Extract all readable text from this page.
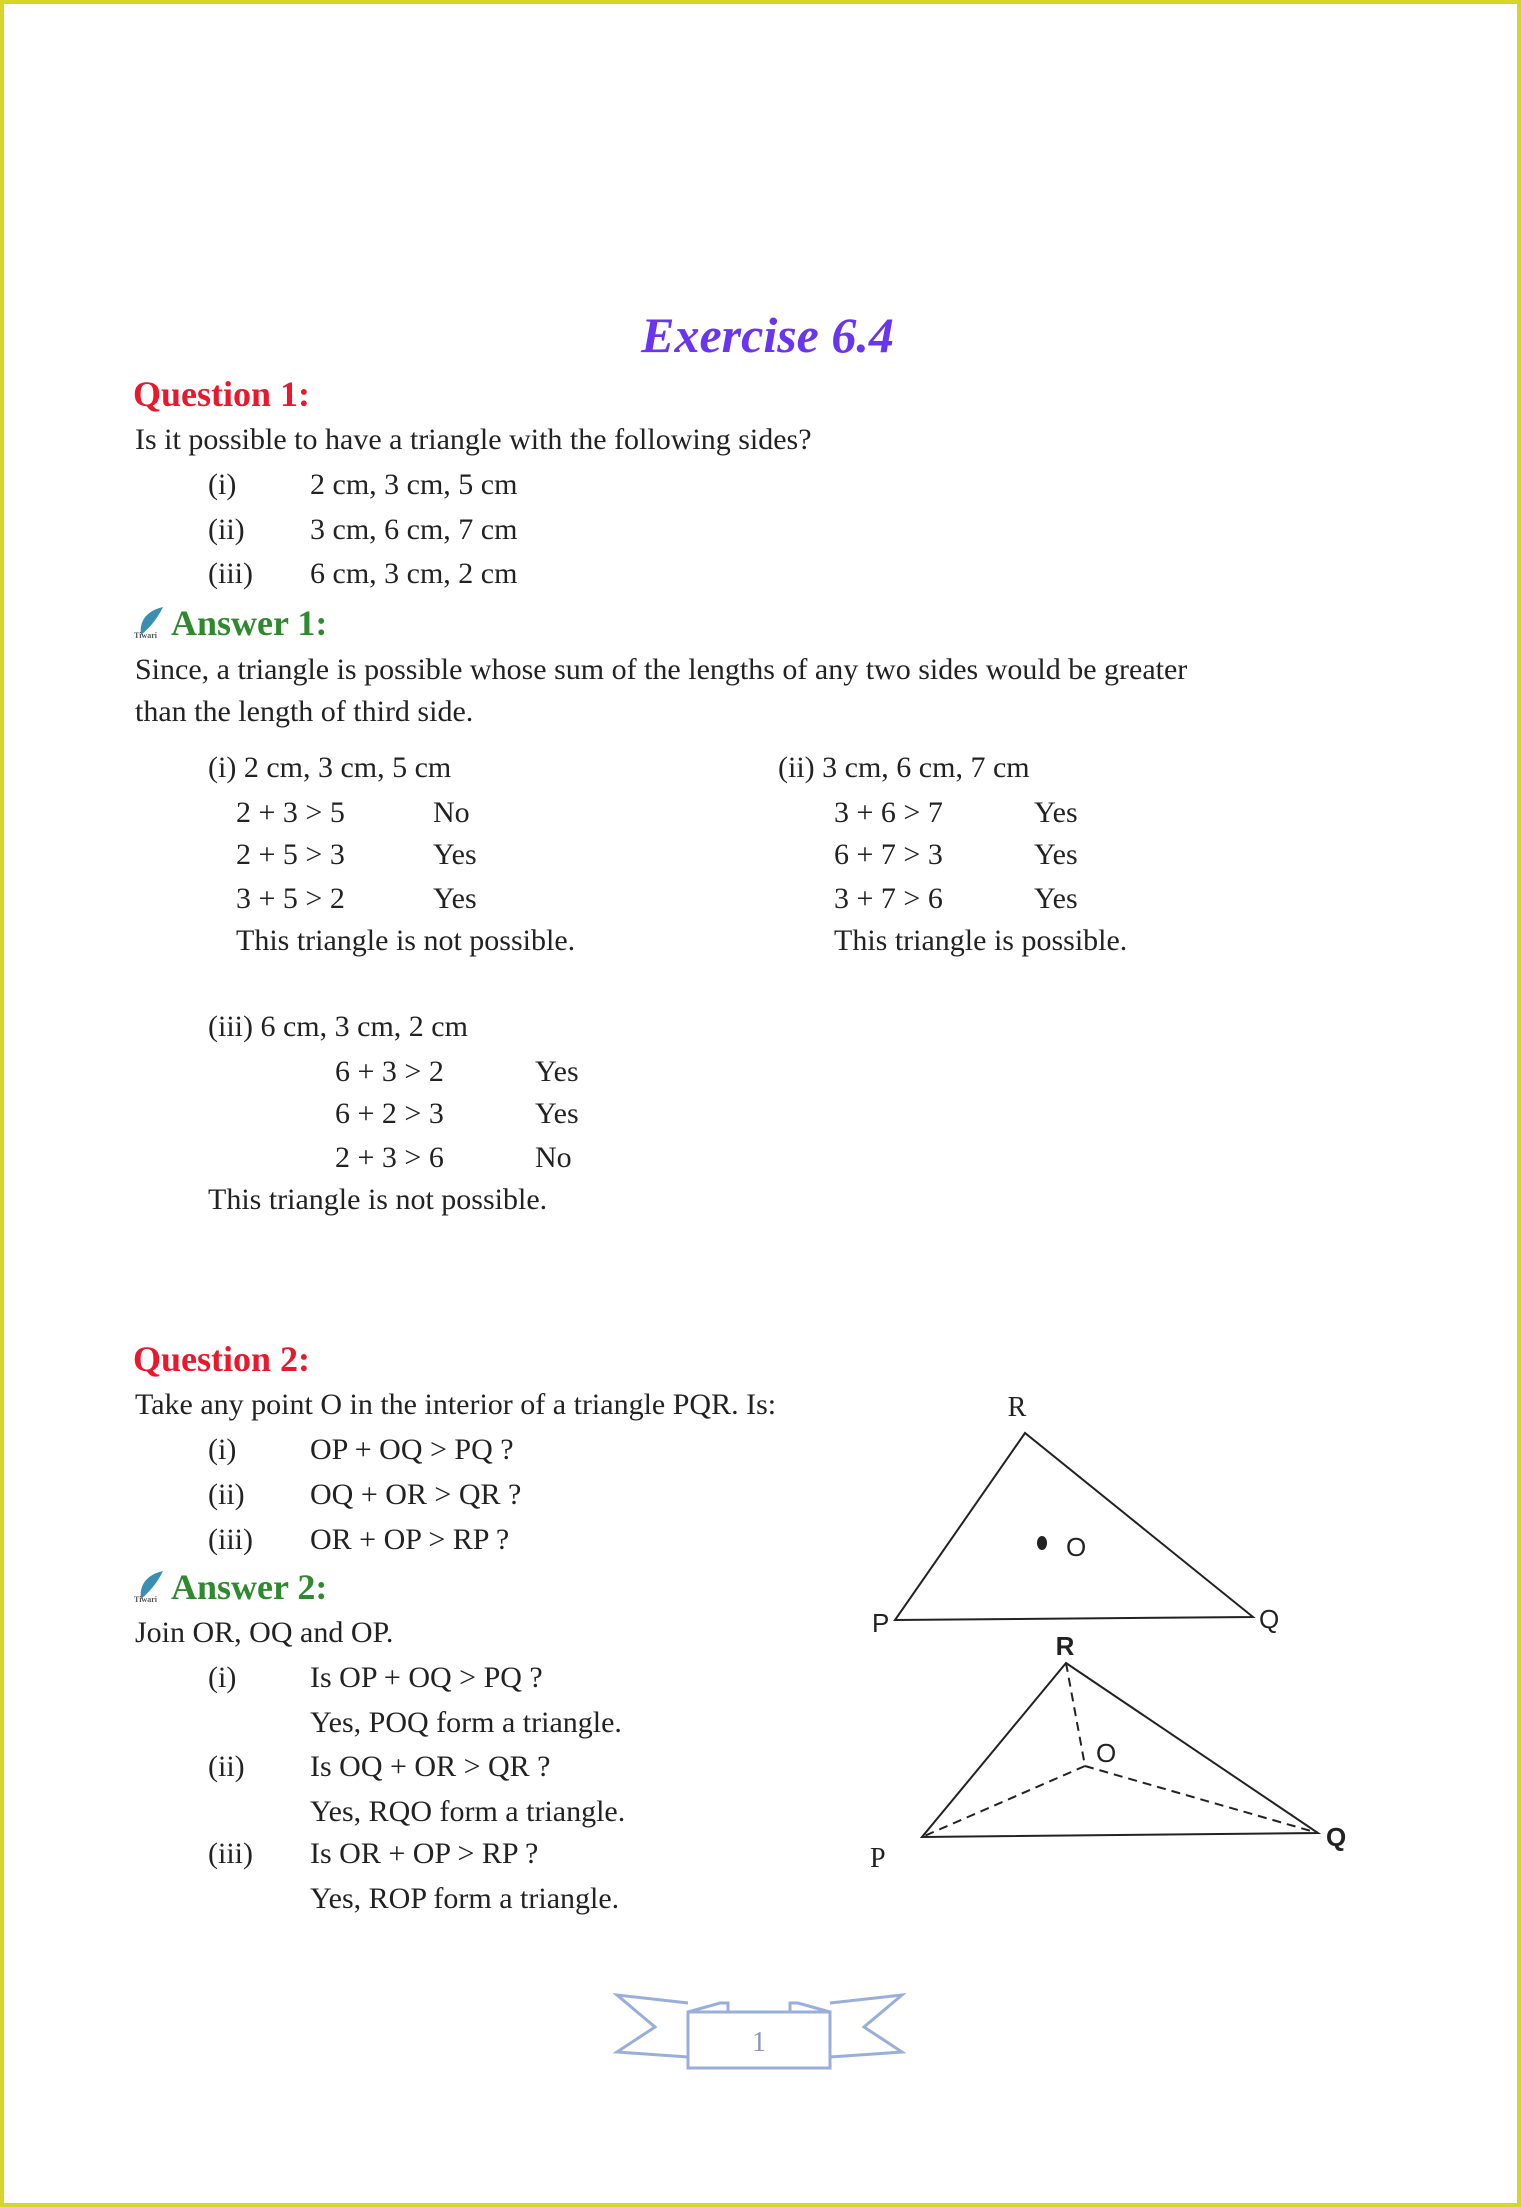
Exercise 6.4
Question 1:
Is it possible to have a triangle with the following sides?
(i) 2 cm, 3 cm, 5 cm
(ii) 3 cm, 6 cm, 7 cm
(iii) 6 cm, 3 cm, 2 cm
Tiwari Answer 1:
Since, a triangle is possible whose sum of the lengths of any two sides would be greater
than the length of third side.
(i) 2 cm, 3 cm, 5 cm
2 + 3 > 5	No
2 + 5 > 3	Yes
3 + 5 > 2	Yes
This triangle is not possible.
(ii) 3 cm, 6 cm, 7 cm
3 + 6 > 7	Yes
6 + 7 > 3	Yes
3 + 7 > 6	Yes
This triangle is possible.
(iii) 6 cm, 3 cm, 2 cm
6 + 3 > 2	Yes
6 + 2 > 3	Yes
2 + 3 > 6	No
This triangle is not possible.
Question 2:
Take any point O in the interior of a triangle PQR. Is:
(i) OP + OQ > PQ ?
(ii) OQ + OR > QR ?
(iii) OR + OP > RP ?
Tiwari Answer 2:
Join OR, OQ and OP.
(i) Is OP + OQ > PQ ?
Yes, POQ form a triangle.
(ii) Is OQ + OR > QR ?
Yes, RQO form a triangle.
(iii) Is OR + OP > RP ?
Yes, ROP form a triangle.
R
O
P	Q
R
O
P
Q
1
